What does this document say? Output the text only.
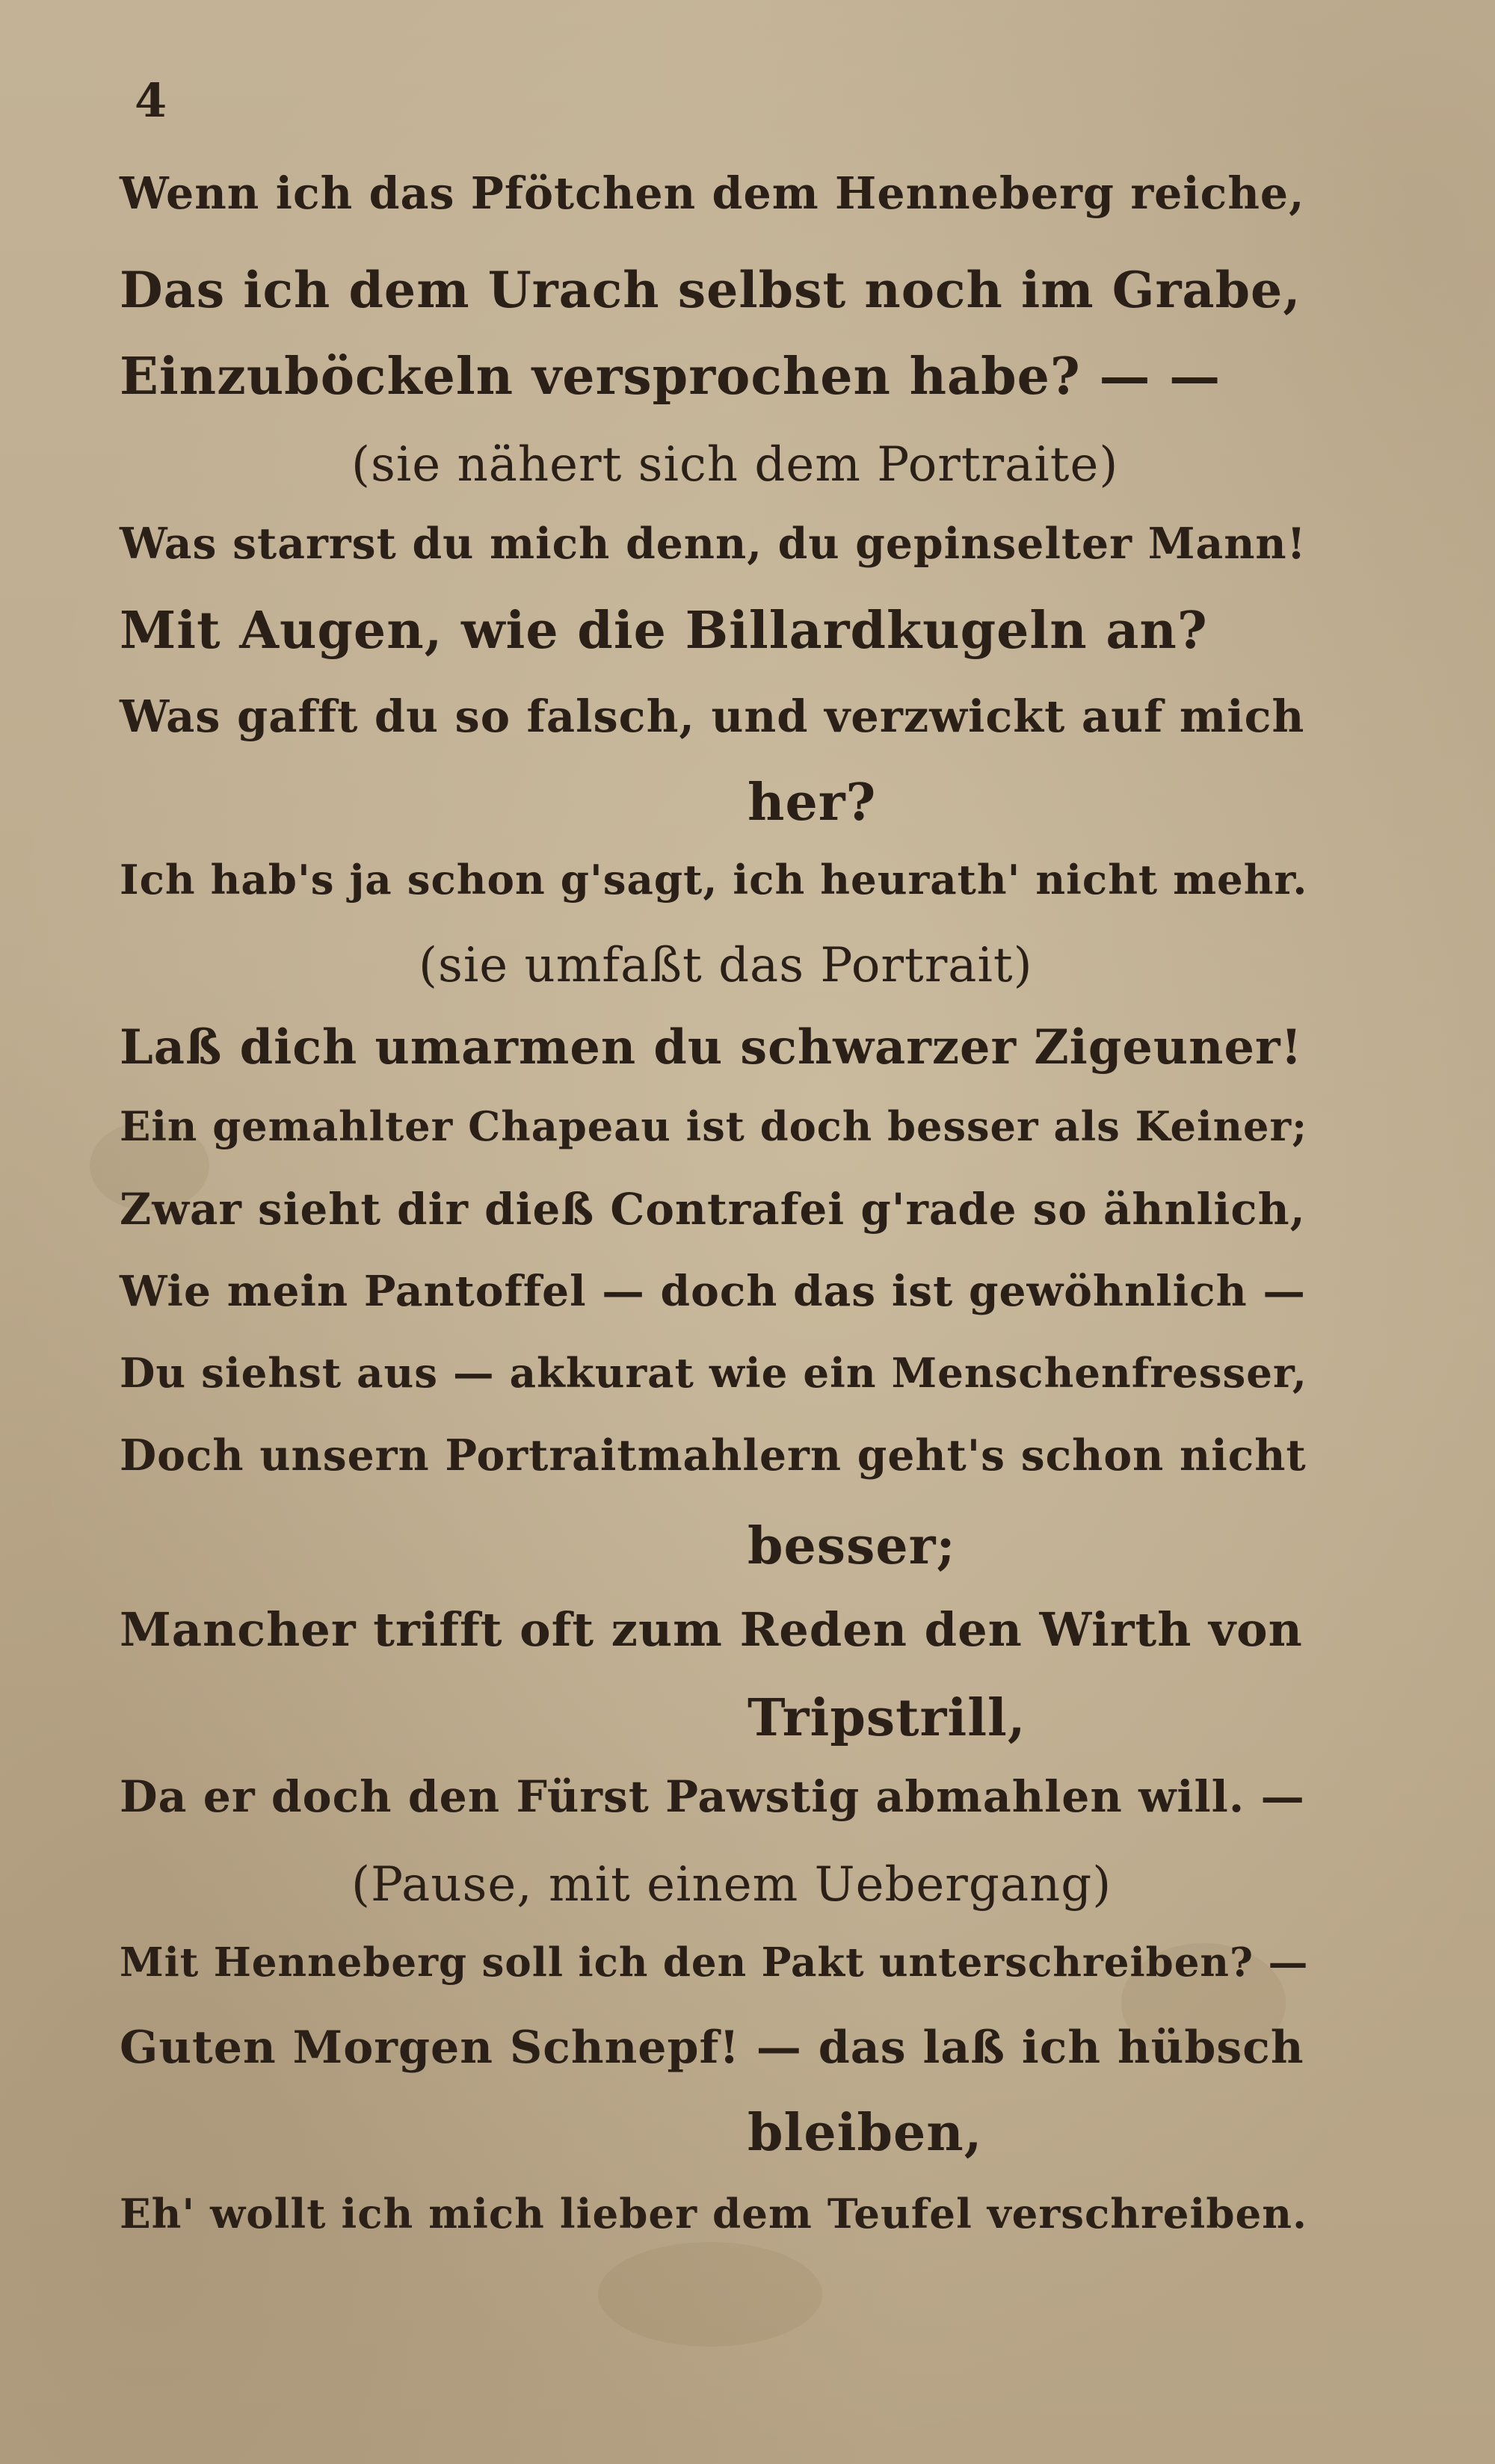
4
Wenn ich das Pfötchen dem Henneberg reiche,
Das ich dem Urach selbst noch im Grabe,
Einzuböckeln versprochen habe? — —
(sie nähert sich dem Portraite)
Was starrst du mich denn, du gepinselter Mann!
Mit Augen, wie die Billardkugeln an?
Was gafft du so falsch, und verzwickt auf mich
her?
Ich hab's ja schon g'sagt, ich heurath' nicht mehr.
(sie umfaßt das Portrait)
Laß dich umarmen du schwarzer Zigeuner!
Ein gemahlter Chapeau ist doch besser als Keiner;
Zwar sieht dir dieß Contrafei g'rade so ähnlich,
Wie mein Pantoffel — doch das ist gewöhnlich —
Du siehst aus — akkurat wie ein Menschenfresser,
Doch unsern Portraitmahlern geht's schon nicht
besser;
Mancher trifft oft zum Reden den Wirth von
Tripstrill,
Da er doch den Fürst Pawstig abmahlen will. —
(Pause, mit einem Uebergang)
Mit Henneberg soll ich den Pakt unterschreiben? —
Guten Morgen Schnepf! — das laß ich hübsch
bleiben,
Eh' wollt ich mich lieber dem Teufel verschreiben.
